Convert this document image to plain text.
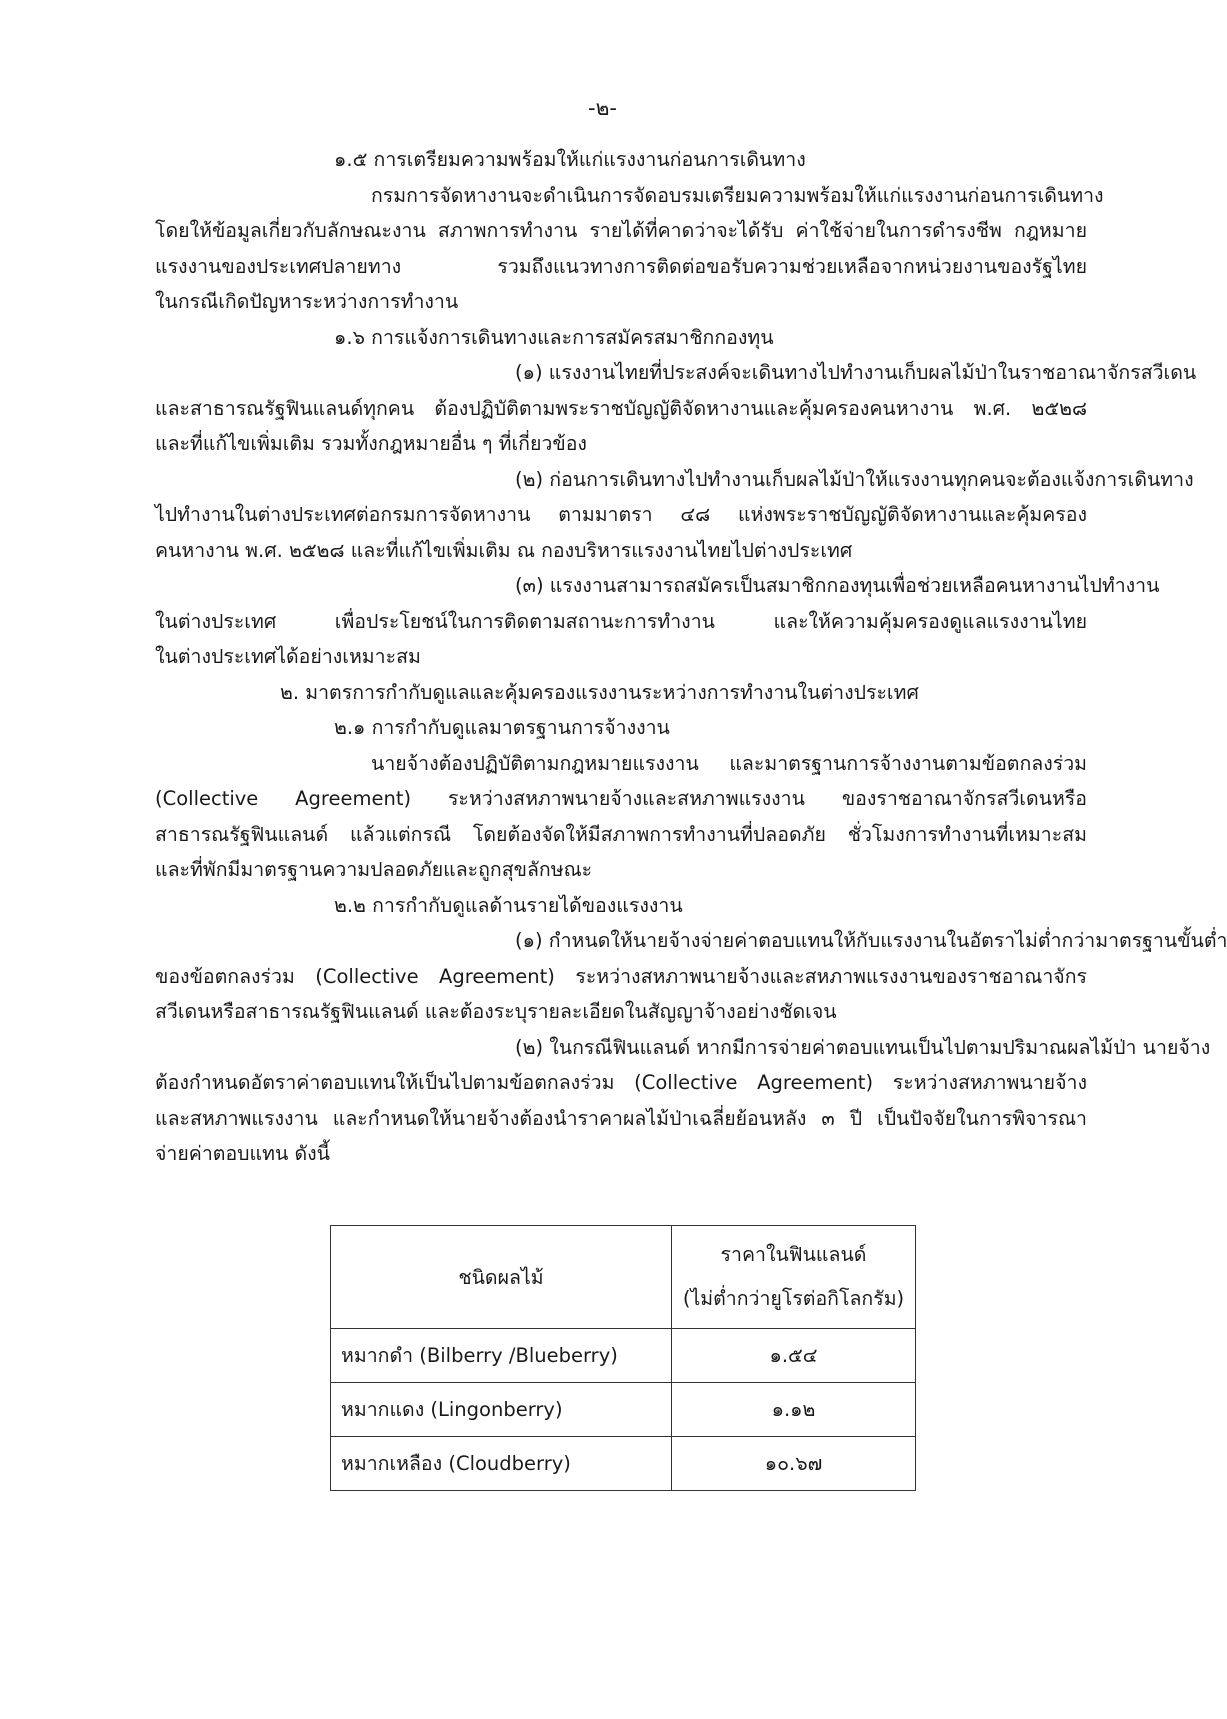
-๒-
๑.๕ การเตรียมความพร้อมให้แก่แรงงานก่อนการเดินทาง
กรมการจัดหางานจะดำเนินการจัดอบรมเตรียมความพร้อมให้แก่แรงงานก่อนการเดินทาง
โดยให้ข้อมูลเกี่ยวกับลักษณะงาน สภาพการทำงาน รายได้ที่คาดว่าจะได้รับ ค่าใช้จ่ายในการดำรงชีพ กฎหมาย
แรงงานของประเทศปลายทาง รวมถึงแนวทางการติดต่อขอรับความช่วยเหลือจากหน่วยงานของรัฐไทย
ในกรณีเกิดปัญหาระหว่างการทำงาน
๑.๖ การแจ้งการเดินทางและการสมัครสมาชิกกองทุน
(๑) แรงงานไทยที่ประสงค์จะเดินทางไปทำงานเก็บผลไม้ป่าในราชอาณาจักรสวีเดน
และสาธารณรัฐฟินแลนด์ทุกคน ต้องปฏิบัติตามพระราชบัญญัติจัดหางานและคุ้มครองคนหางาน พ.ศ. ๒๕๒๘
และที่แก้ไขเพิ่มเติม รวมทั้งกฎหมายอื่น ๆ ที่เกี่ยวข้อง
(๒) ก่อนการเดินทางไปทำงานเก็บผลไม้ป่าให้แรงงานทุกคนจะต้องแจ้งการเดินทาง
ไปทำงานในต่างประเทศต่อกรมการจัดหางาน ตามมาตรา ๔๘ แห่งพระราชบัญญัติจัดหางานและคุ้มครอง
คนหางาน พ.ศ. ๒๕๒๘ และที่แก้ไขเพิ่มเติม ณ กองบริหารแรงงานไทยไปต่างประเทศ
(๓) แรงงานสามารถสมัครเป็นสมาชิกกองทุนเพื่อช่วยเหลือคนหางานไปทำงาน
ในต่างประเทศ เพื่อประโยชน์ในการติดตามสถานะการทำงาน และให้ความคุ้มครองดูแลแรงงานไทย
ในต่างประเทศได้อย่างเหมาะสม
๒. มาตรการกำกับดูแลและคุ้มครองแรงงานระหว่างการทำงานในต่างประเทศ
๒.๑ การกำกับดูแลมาตรฐานการจ้างงาน
นายจ้างต้องปฏิบัติตามกฎหมายแรงงาน และมาตรฐานการจ้างงานตามข้อตกลงร่วม
(Collective Agreement) ระหว่างสหภาพนายจ้างและสหภาพแรงงาน ของราชอาณาจักรสวีเดนหรือ
สาธารณรัฐฟินแลนด์ แล้วแต่กรณี โดยต้องจัดให้มีสภาพการทำงานที่ปลอดภัย ชั่วโมงการทำงานที่เหมาะสม
และที่พักมีมาตรฐานความปลอดภัยและถูกสุขลักษณะ
๒.๒ การกำกับดูแลด้านรายได้ของแรงงาน
(๑) กำหนดให้นายจ้างจ่ายค่าตอบแทนให้กับแรงงานในอัตราไม่ต่ำกว่ามาตรฐานขั้นต่ำ
ของข้อตกลงร่วม (Collective Agreement) ระหว่างสหภาพนายจ้างและสหภาพแรงงานของราชอาณาจักร
สวีเดนหรือสาธารณรัฐฟินแลนด์ และต้องระบุรายละเอียดในสัญญาจ้างอย่างชัดเจน
(๒) ในกรณีฟินแลนด์ หากมีการจ่ายค่าตอบแทนเป็นไปตามปริมาณผลไม้ป่า นายจ้าง
ต้องกำหนดอัตราค่าตอบแทนให้เป็นไปตามข้อตกลงร่วม (Collective Agreement) ระหว่างสหภาพนายจ้าง
และสหภาพแรงงาน และกำหนดให้นายจ้างต้องนำราคาผลไม้ป่าเฉลี่ยย้อนหลัง ๓ ปี เป็นปัจจัยในการพิจารณา
จ่ายค่าตอบแทน ดังนี้
ชนิดผลไม้	ราคาในฟินแลนด์
(ไม่ต่ำกว่ายูโรต่อกิโลกรัม)

หมากดำ (Bilberry /Blueberry)	๑.๕๔
หมากแดง (Lingonberry)	๑.๑๒
หมากเหลือง (Cloudberry)	๑๐.๖๗
